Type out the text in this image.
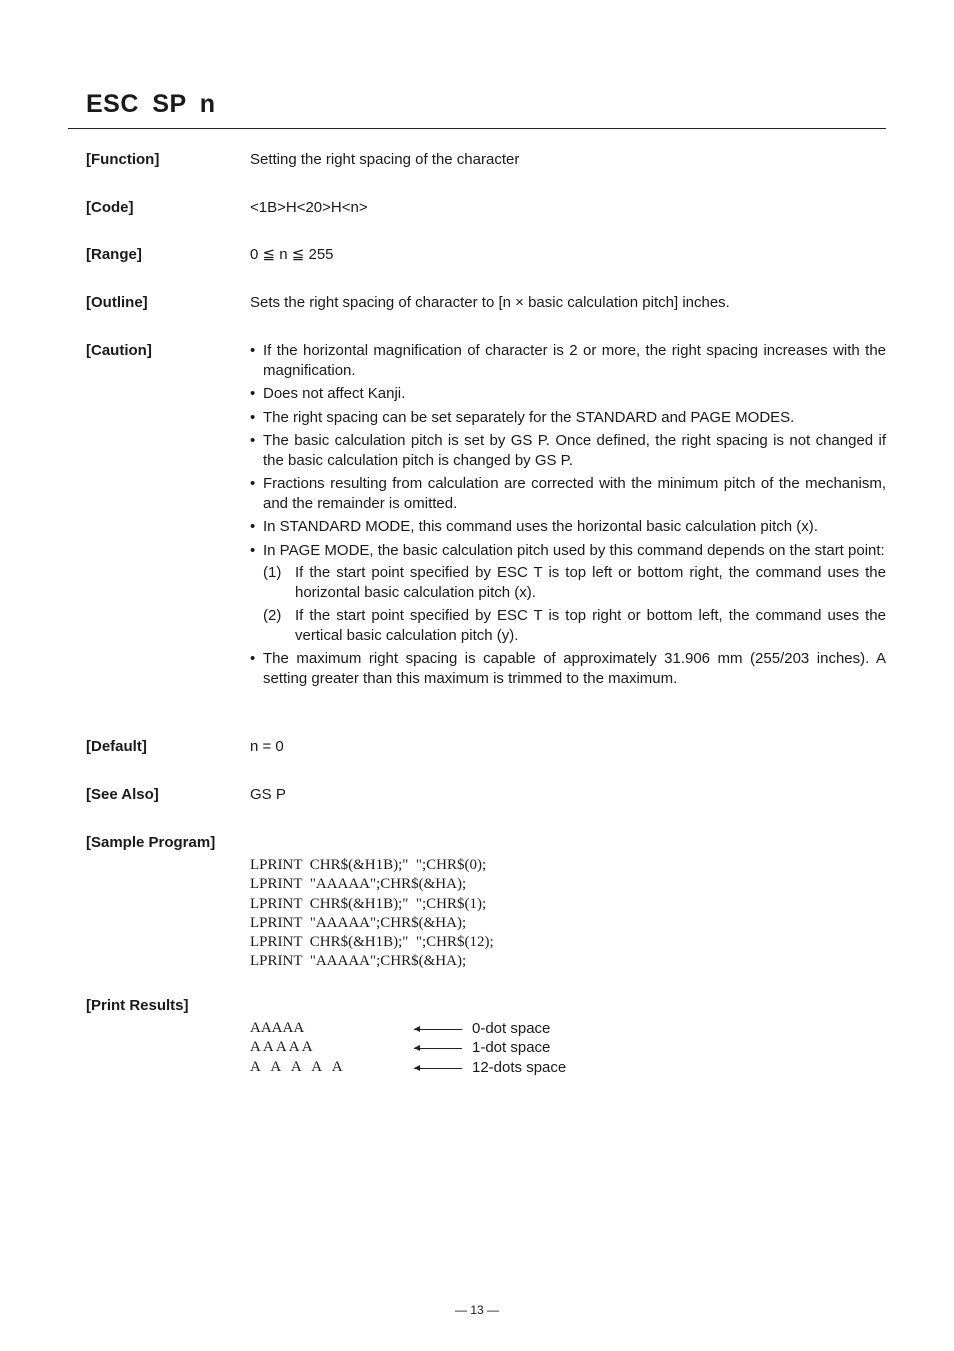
ESC SP n
[Function]	Setting the right spacing of the character
[Code]	<1B>H<20>H<n>
[Range]	0 ≦ n ≦ 255
[Outline]	Sets the right spacing of character to [n × basic calculation pitch] inches.
[Caution]	• If the horizontal magnification of character is 2 or more, the right spacing increases with the magnification.
• Does not affect Kanji.
• The right spacing can be set separately for the STANDARD and PAGE MODES.
• The basic calculation pitch is set by GS P. Once defined, the right spacing is not changed if the basic calculation pitch is changed by GS P.
• Fractions resulting from calculation are corrected with the minimum pitch of the mechanism, and the remainder is omitted.
• In STANDARD MODE, this command uses the horizontal basic calculation pitch (x).
• In PAGE MODE, the basic calculation pitch used by this command depends on the start point:
(1) If the start point specified by ESC T is top left or bottom right, the command uses the horizontal basic calculation pitch (x).
(2) If the start point specified by ESC T is top right or bottom left, the command uses the vertical basic calculation pitch (y).
• The maximum right spacing is capable of approximately 31.906 mm (255/203 inches). A setting greater than this maximum is trimmed to the maximum.
[Default]	n = 0
[See Also]	GS P
[Sample Program]
LPRINT  CHR$(&H1B);"  ";CHR$(0);
LPRINT  "AAAAA";CHR$(&HA);
LPRINT  CHR$(&H1B);"  ";CHR$(1);
LPRINT  "AAAAA";CHR$(&HA);
LPRINT  CHR$(&H1B);"  ";CHR$(12);
LPRINT  "AAAAA";CHR$(&HA);
[Print Results]
AAAAA	0-dot space
A A A A A	1-dot space
A   A   A   A   A	12-dots space
— 13 —
